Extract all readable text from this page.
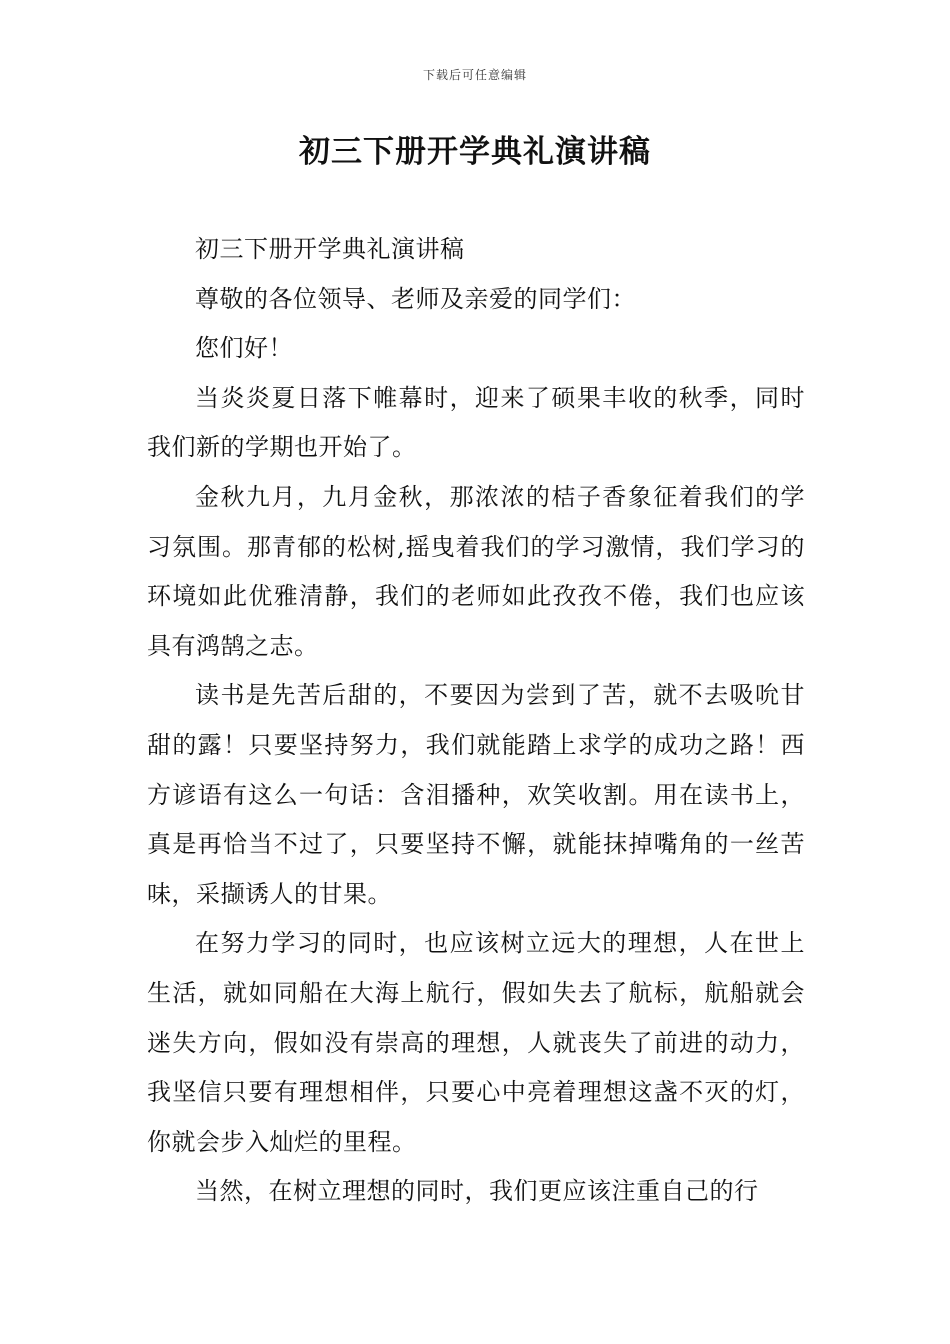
下载后可任意编辑
初三下册开学典礼演讲稿

初三下册开学典礼演讲稿

尊敬的各位领导、老师及亲爱的同学们：

您们好！

当炎炎夏日落下帷幕时，迎来了硕果丰收的秋季，同时我们新的学期也开始了。

金秋九月，九月金秋，那浓浓的桔子香象征着我们的学习氛围。那青郁的松树,摇曳着我们的学习激情，我们学习的环境如此优雅清静，我们的老师如此孜孜不倦，我们也应该具有鸿鹄之志。

读书是先苦后甜的，不要因为尝到了苦，就不去吸吮甘甜的露！只要坚持努力，我们就能踏上求学的成功之路！西方谚语有这么一句话：含泪播种，欢笑收割。用在读书上，真是再恰当不过了，只要坚持不懈，就能抹掉嘴角的一丝苦味，采撷诱人的甘果。

在努力学习的同时，也应该树立远大的理想，人在世上生活，就如同船在大海上航行，假如失去了航标，航船就会迷失方向，假如没有崇高的理想，人就丧失了前进的动力，我坚信只要有理想相伴，只要心中亮着理想这盏不灭的灯，你就会步入灿烂的里程。

当然，在树立理想的同时，我们更应该注重自己的行
